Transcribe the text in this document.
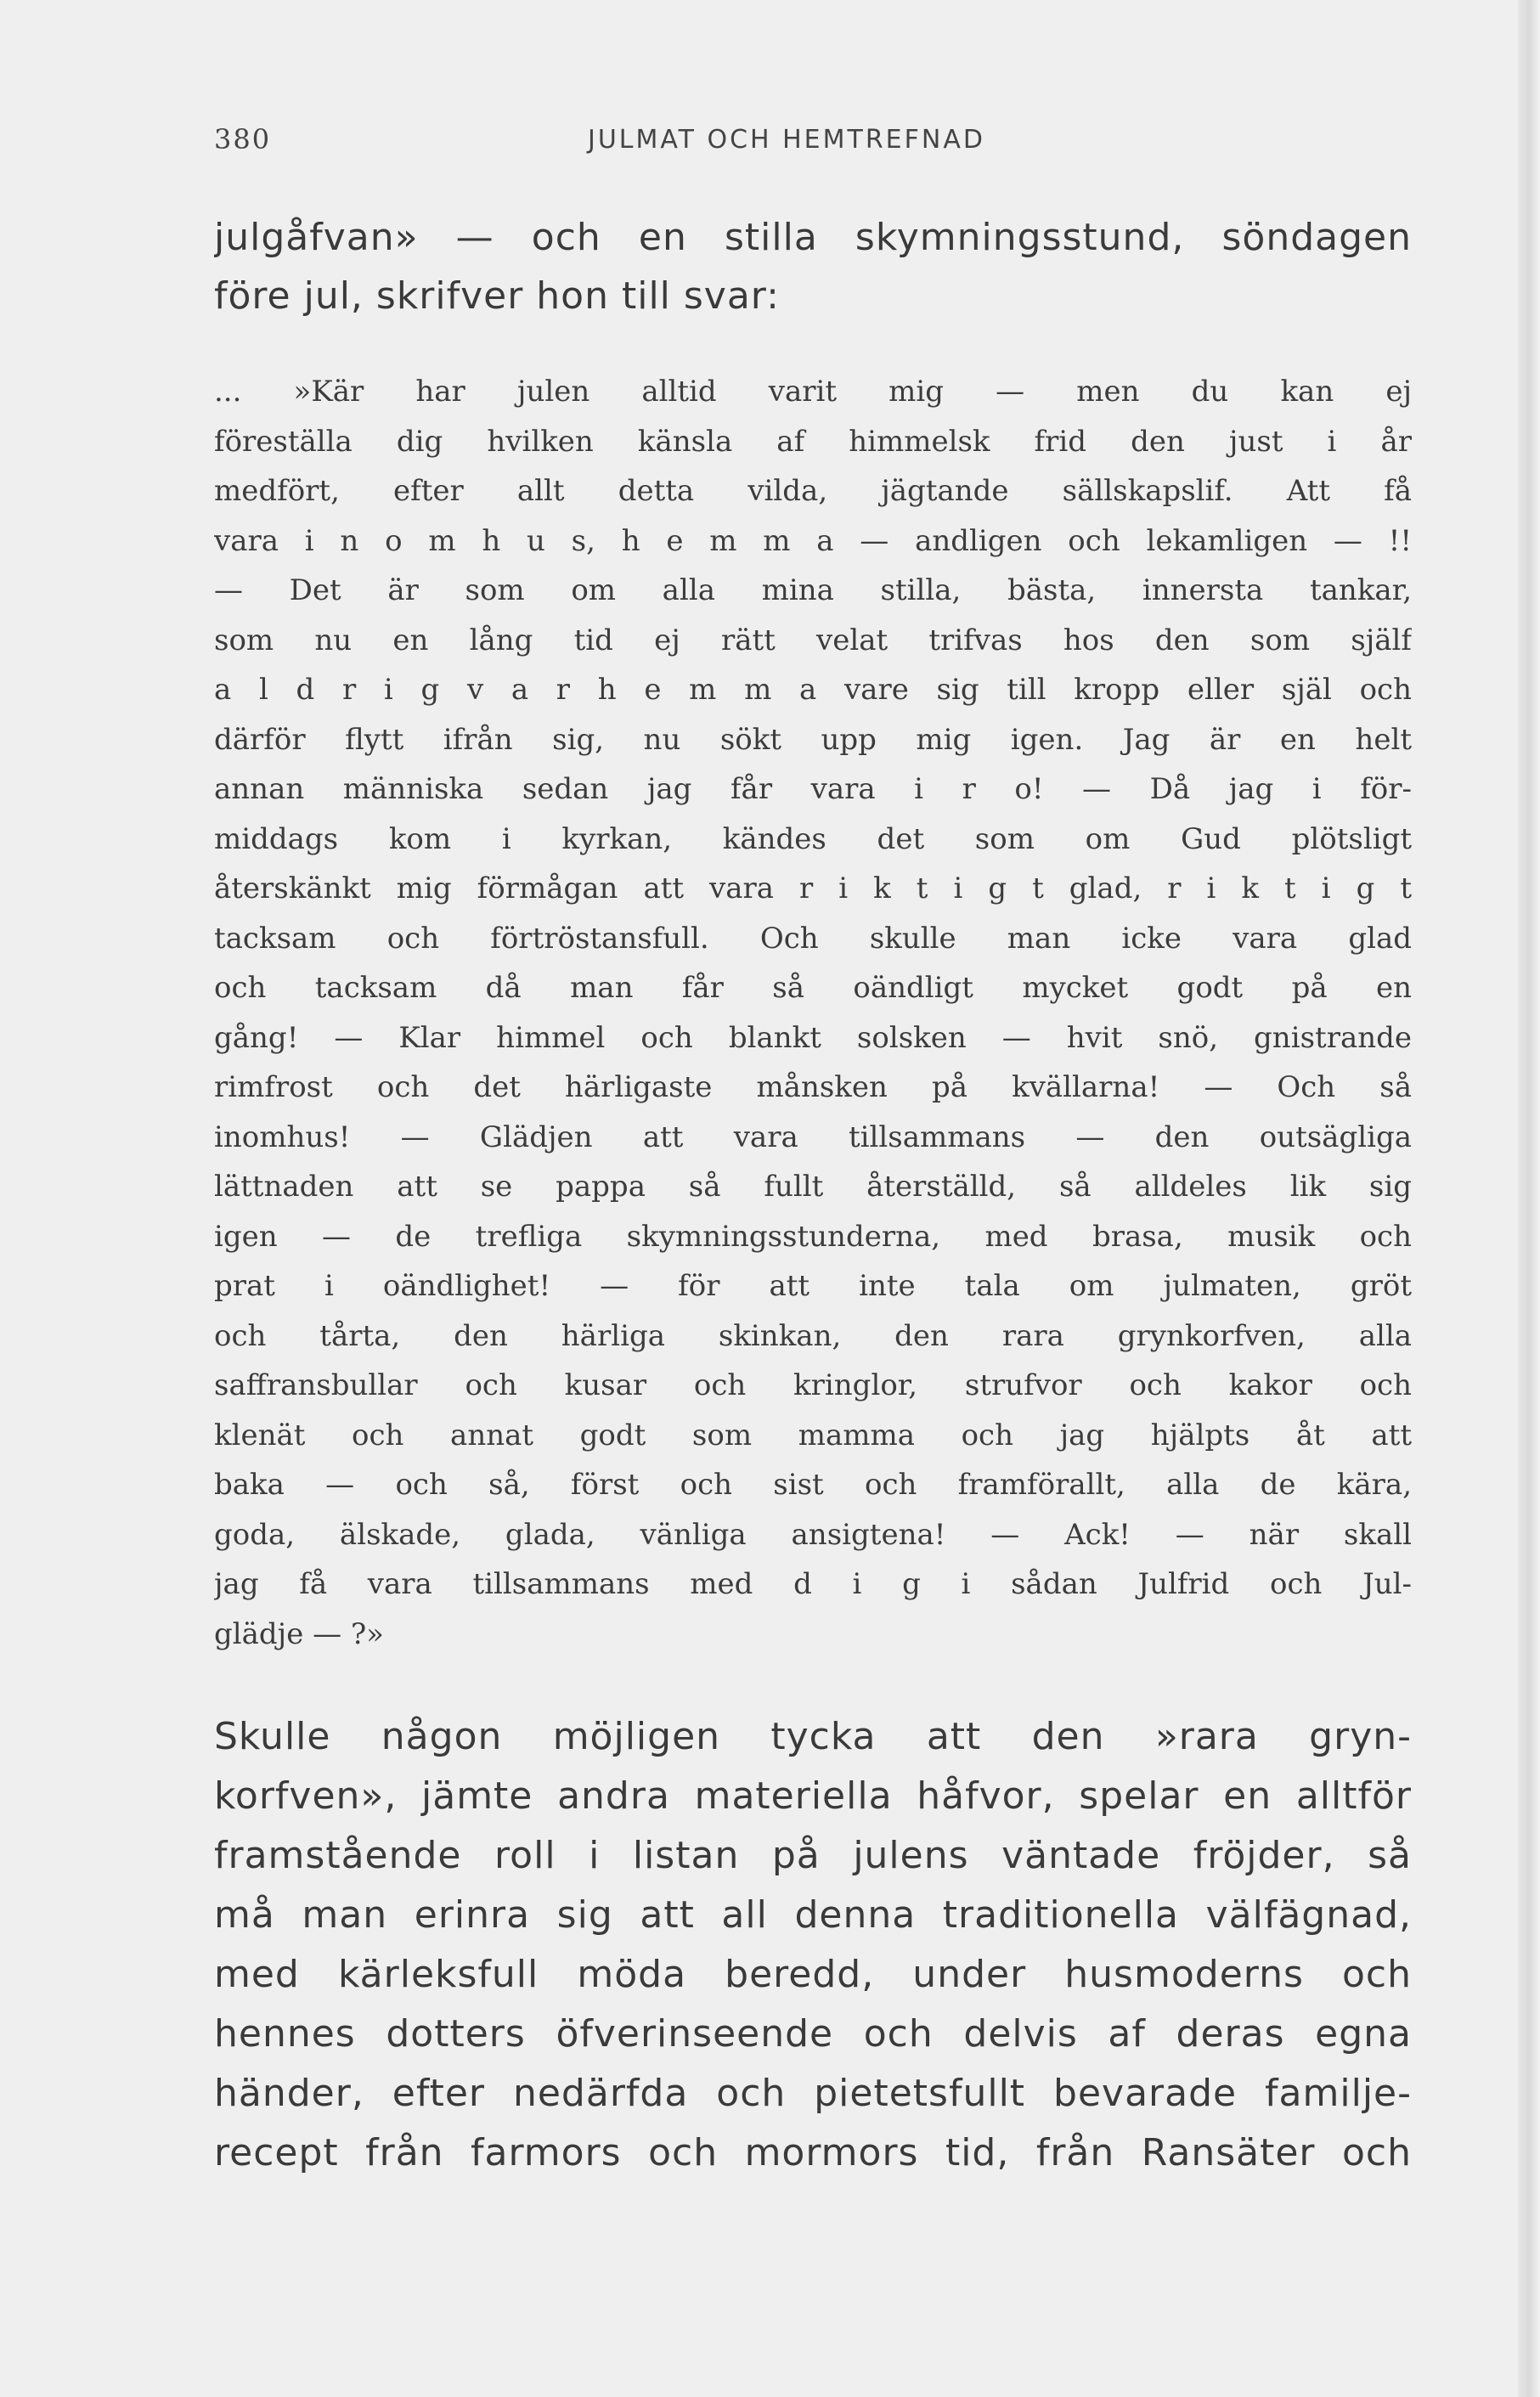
380	JULMAT OCH HEMTREFNAD
julgåfvan» — och en stilla skymningsstund, söndagen
före jul, skrifver hon till svar:
... »Kär har julen alltid varit mig — men du kan ej
föreställa dig hvilken känsla af himmelsk frid den just i år
medfört, efter allt detta vilda, jägtande sällskapslif. Att få
vara i n o m h u s, h e m m a — andligen och lekamligen — !!
— Det är som om alla mina stilla, bästa, innersta tankar,
som nu en lång tid ej rätt velat trifvas hos den som själf
a l d r i g v a r h e m m a vare sig till kropp eller själ och
därför flytt ifrån sig, nu sökt upp mig igen. Jag är en helt
annan människa sedan jag får vara i r o! — Då jag i för-
middags kom i kyrkan, kändes det som om Gud plötsligt
återskänkt mig förmågan att vara r i k t i g t glad, r i k t i g t
tacksam och förtröstansfull. Och skulle man icke vara glad
och tacksam då man får så oändligt mycket godt på en
gång! — Klar himmel och blankt solsken — hvit snö, gnistrande
rimfrost och det härligaste månsken på kvällarna! — Och så
inomhus! — Glädjen att vara tillsammans — den outsägliga
lättnaden att se pappa så fullt återställd, så alldeles lik sig
igen — de trefliga skymningsstunderna, med brasa, musik och
prat i oändlighet! — för att inte tala om julmaten, gröt
och tårta, den härliga skinkan, den rara grynkorfven, alla
saffransbullar och kusar och kringlor, strufvor och kakor och
klenät och annat godt som mamma och jag hjälpts åt att
baka — och så, först och sist och framförallt, alla de kära,
goda, älskade, glada, vänliga ansigtena! — Ack! — när skall
jag få vara tillsammans med d i g i sådan Julfrid och Jul-
glädje — ?»
Skulle någon möjligen tycka att den »rara gryn-
korfven», jämte andra materiella håfvor, spelar en alltför
framstående roll i listan på julens väntade fröjder, så
må man erinra sig att all denna traditionella välfägnad,
med kärleksfull möda beredd, under husmoderns och
hennes dotters öfverinseende och delvis af deras egna
händer, efter nedärfda och pietetsfullt bevarade familje-
recept från farmors och mormors tid, från Ransäter och
